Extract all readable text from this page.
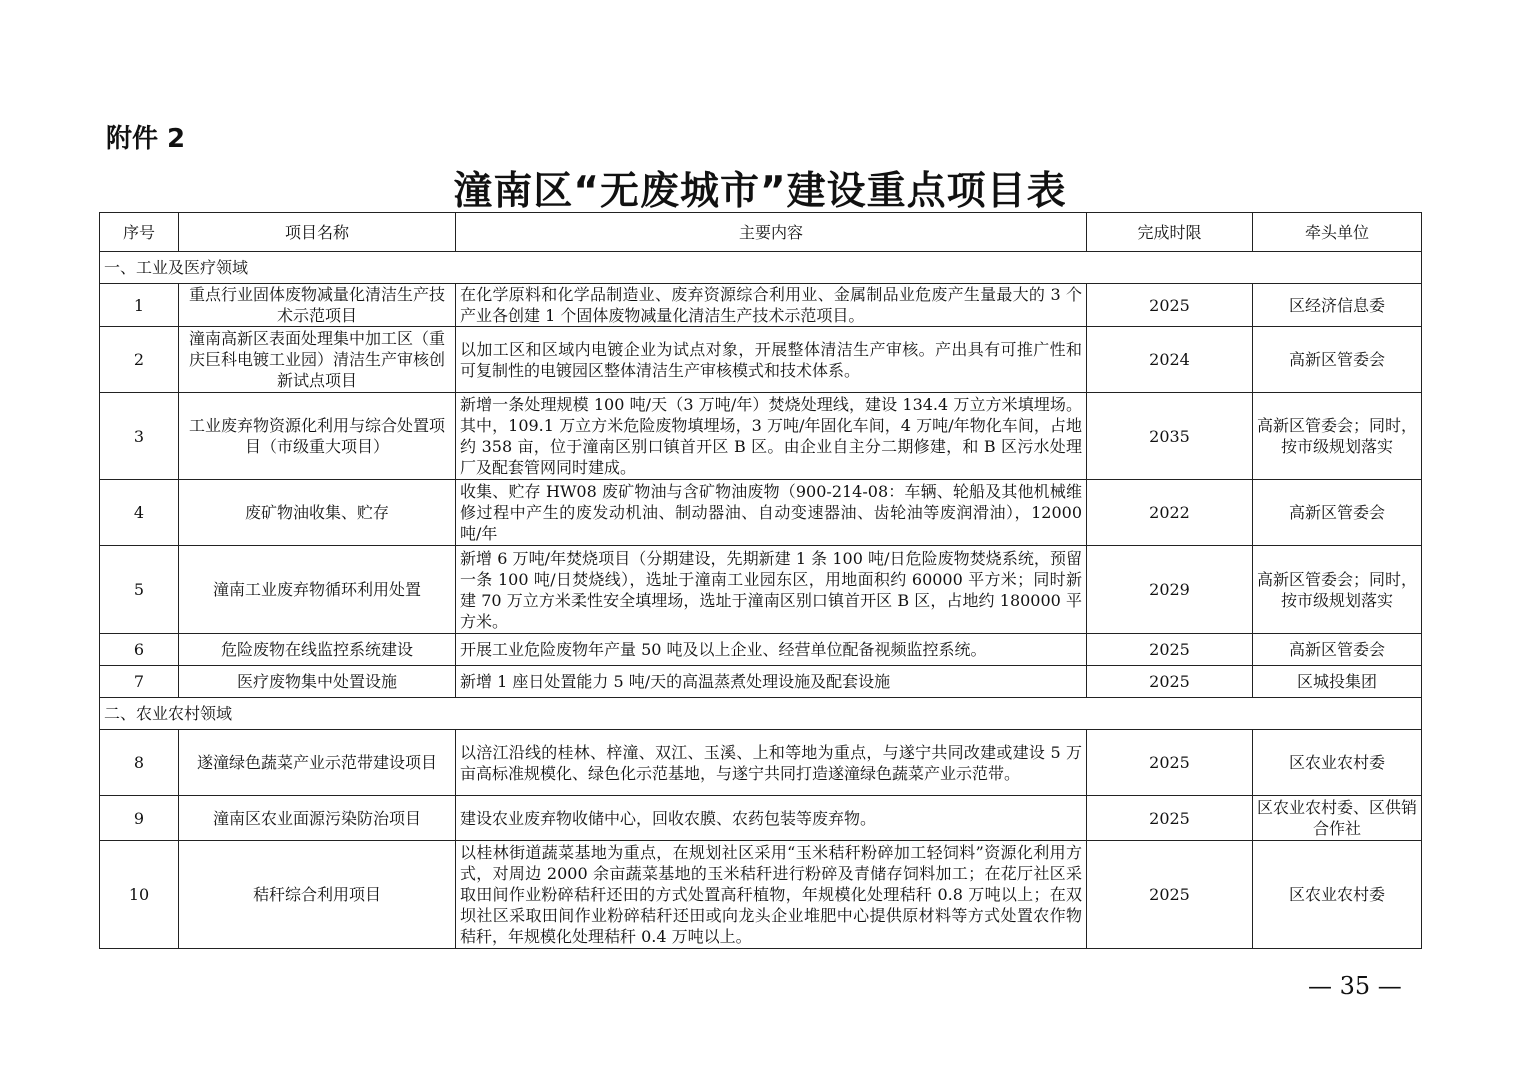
附件 2
潼南区“无废城市”建设重点项目表
序号	项目名称	主要内容	完成时限	牵头单位
一、工业及医疗领域				
1	重点行业固体废物减量化清洁生产技术示范项目	在化学原料和化学品制造业、废弃资源综合利用业、金属制品业危废产生量最大的 3 个产业各创建 1 个固体废物减量化清洁生产技术示范项目。	2025	区经济信息委
2	潼南高新区表面处理集中加工区（重庆巨科电镀工业园）清洁生产审核创新试点项目	以加工区和区域内电镀企业为试点对象，开展整体清洁生产审核。产出具有可推广性和可复制性的电镀园区整体清洁生产审核模式和技术体系。	2024	高新区管委会
3	工业废弃物资源化利用与综合处置项目（市级重大项目）	新增一条处理规模 100 吨/天（3 万吨/年）焚烧处理线，建设 134.4 万立方米填埋场。 其中，109.1 万立方米危险废物填埋场，3 万吨/年固化车间，4 万吨/年物化车间，占地约 358 亩，位于潼南区别口镇首开区 B 区。由企业自主分二期修建，和 B 区污水处理厂及配套管网同时建成。	2035	高新区管委会；同时，按市级规划落实
4	废矿物油收集、贮存	收集、贮存 HW08 废矿物油与含矿物油废物（900-214-08：车辆、轮船及其他机械维修过程中产生的废发动机油、制动器油、自动变速器油、齿轮油等废润滑油），12000 吨/年	2022	高新区管委会
5	潼南工业废弃物循环利用处置	新增 6 万吨/年焚烧项目（分期建设，先期新建 1 条 100 吨/日危险废物焚烧系统，预留一条 100 吨/日焚烧线），选址于潼南工业园东区，用地面积约 60000 平方米；同时新建 70 万立方米柔性安全填埋场，选址于潼南区别口镇首开区 B 区，占地约 180000 平方米。	2029	高新区管委会；同时，按市级规划落实
6	危险废物在线监控系统建设	开展工业危险废物年产量 50 吨及以上企业、经营单位配备视频监控系统。	2025	高新区管委会
7	医疗废物集中处置设施	新增 1 座日处置能力 5 吨/天的高温蒸煮处理设施及配套设施	2025	区城投集团
二、农业农村领域				
8	遂潼绿色蔬菜产业示范带建设项目	以涪江沿线的桂林、梓潼、双江、玉溪、上和等地为重点，与遂宁共同改建或建设 5 万亩高标准规模化、绿色化示范基地，与遂宁共同打造遂潼绿色蔬菜产业示范带。	2025	区农业农村委
9	潼南区农业面源污染防治项目	建设农业废弃物收储中心，回收农膜、农药包装等废弃物。	2025	区农业农村委、区供销合作社
10	秸秆综合利用项目	以桂林街道蔬菜基地为重点，在规划社区采用“玉米秸秆粉碎加工轻饲料”资源化利用方式，对周边 2000 余亩蔬菜基地的玉米秸秆进行粉碎及青储存饲料加工；在花厅社区采取田间作业粉碎秸秆还田的方式处置高秆植物，年规模化处理秸秆 0.8 万吨以上；在双坝社区采取田间作业粉碎秸秆还田或向龙头企业堆肥中心提供原材料等方式处置农作物秸秆，年规模化处理秸秆 0.4 万吨以上。	2025	区农业农村委
— 35 —
